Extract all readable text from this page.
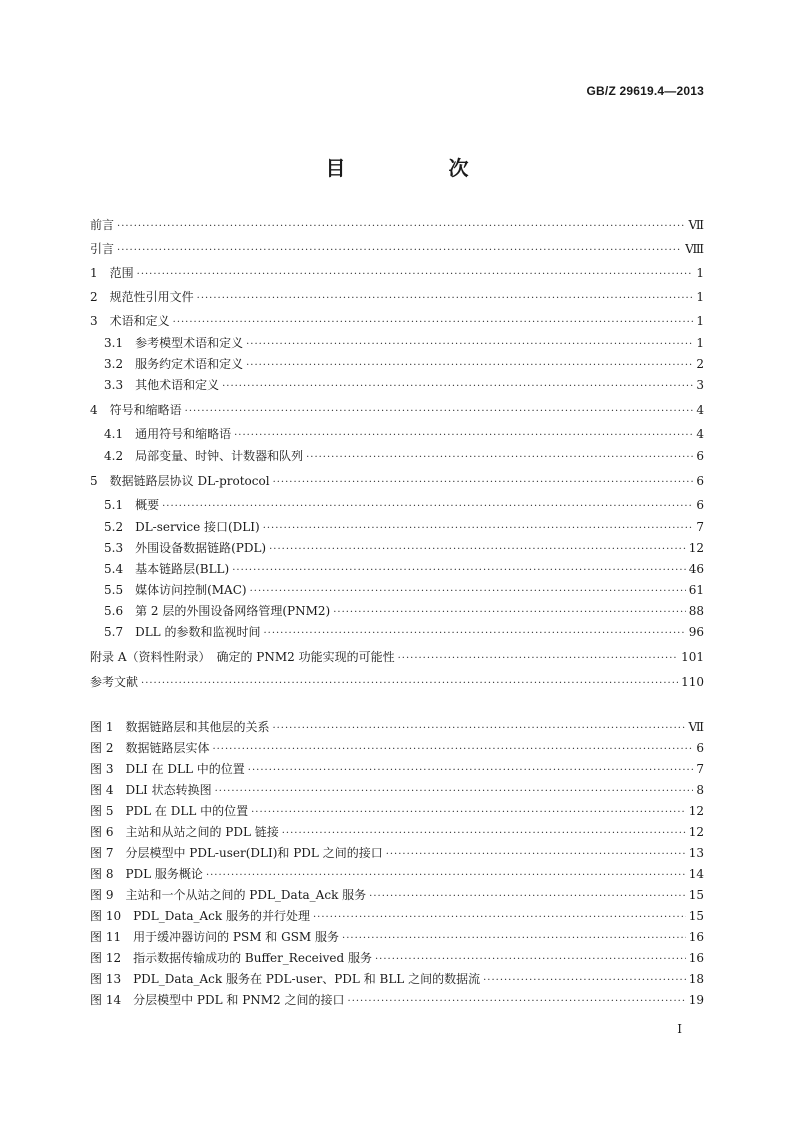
GB/Z 29619.4—2013
目 次
前言 ·····	Ⅶ
引言 ·····	Ⅷ
1　范围 ·····	1
2　规范性引用文件 ·····	1
3　术语和定义 ·····	1
3.1　参考模型术语和定义 ·····	1
3.2　服务约定术语和定义 ·····	2
3.3　其他术语和定义 ·····	3
4　符号和缩略语 ·····	4
4.1　通用符号和缩略语 ·····	4
4.2　局部变量、时钟、计数器和队列 ·····	6
5　数据链路层协议 DL-protocol ·····	6
5.1　概要 ·····	6
5.2　DL-service 接口(DLI) ·····	7
5.3　外围设备数据链路(PDL) ·····	12
5.4　基本链路层(BLL) ·····	46
5.5　媒体访问控制(MAC) ·····	61
5.6　第 2 层的外围设备网络管理(PNM2) ·····	88
5.7　DLL 的参数和监视时间 ·····	96
附录 A（资料性附录）　确定的 PNM2 功能实现的可能性 ·····	101
参考文献 ·····	110
图 1　数据链路层和其他层的关系 ·····	Ⅶ
图 2　数据链路层实体 ·····	6
图 3　DLI 在 DLL 中的位置 ·····	7
图 4　DLI 状态转换图 ·····	8
图 5　PDL 在 DLL 中的位置 ·····	12
图 6　主站和从站之间的 PDL 链接 ·····	12
图 7　分层模型中 PDL-user(DLI)和 PDL 之间的接口 ·····	13
图 8　PDL 服务概论 ·····	14
图 9　主站和一个从站之间的 PDL_Data_Ack 服务 ·····	15
图 10　PDL_Data_Ack 服务的并行处理 ·····	15
图 11　用于缓冲器访问的 PSM 和 GSM 服务 ·····	16
图 12　指示数据传输成功的 Buffer_Received 服务 ·····	16
图 13　PDL_Data_Ack 服务在 PDL-user、PDL 和 BLL 之间的数据流 ·····	18
图 14　分层模型中 PDL 和 PNM2 之间的接口 ·····	19
I
